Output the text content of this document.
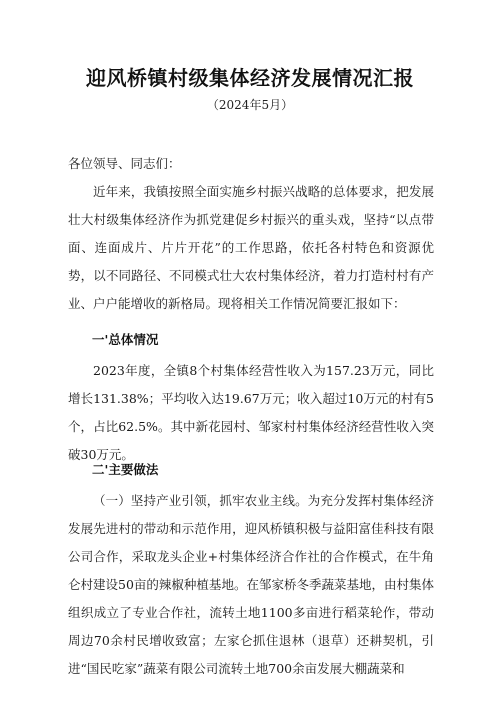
迎风桥镇村级集体经济发展情况汇报
（2024年5月）

各位领导、同志们：

近年来，我镇按照全面实施乡村振兴战略的总体要求，把发展壮大村级集体经济作为抓党建促乡村振兴的重头戏，坚持“以点带面、连面成片、片片开花”的工作思路，依托各村特色和资源优势，以不同路径、不同模式壮大农村集体经济，着力打造村村有产业、户户能增收的新格局。现将相关工作情况简要汇报如下：

一'总体情况

2023年度，全镇8个村集体经营性收入为157.23万元，同比增长131.38%；平均收入达19.67万元；收入超过10万元的村有5个，占比62.5%。其中新花园村、邹家村村集体经济经营性收入突破30万元。

二'主要做法

（一）坚持产业引领，抓牢农业主线。为充分发挥村集体经济发展先进村的带动和示范作用，迎风桥镇积极与益阳富佳科技有限公司合作，采取龙头企业+村集体经济合作社的合作模式，在牛角仑村建设50亩的辣椒种植基地。在邹家桥冬季蔬菜基地，由村集体组织成立了专业合作社，流转土地1100多亩进行稻菜轮作，带动周边70余村民增收致富；左家仑抓住退林（退草）还耕契机，引进“国民吃家”蔬菜有限公司流转土地700余亩发展大棚蔬菜和
